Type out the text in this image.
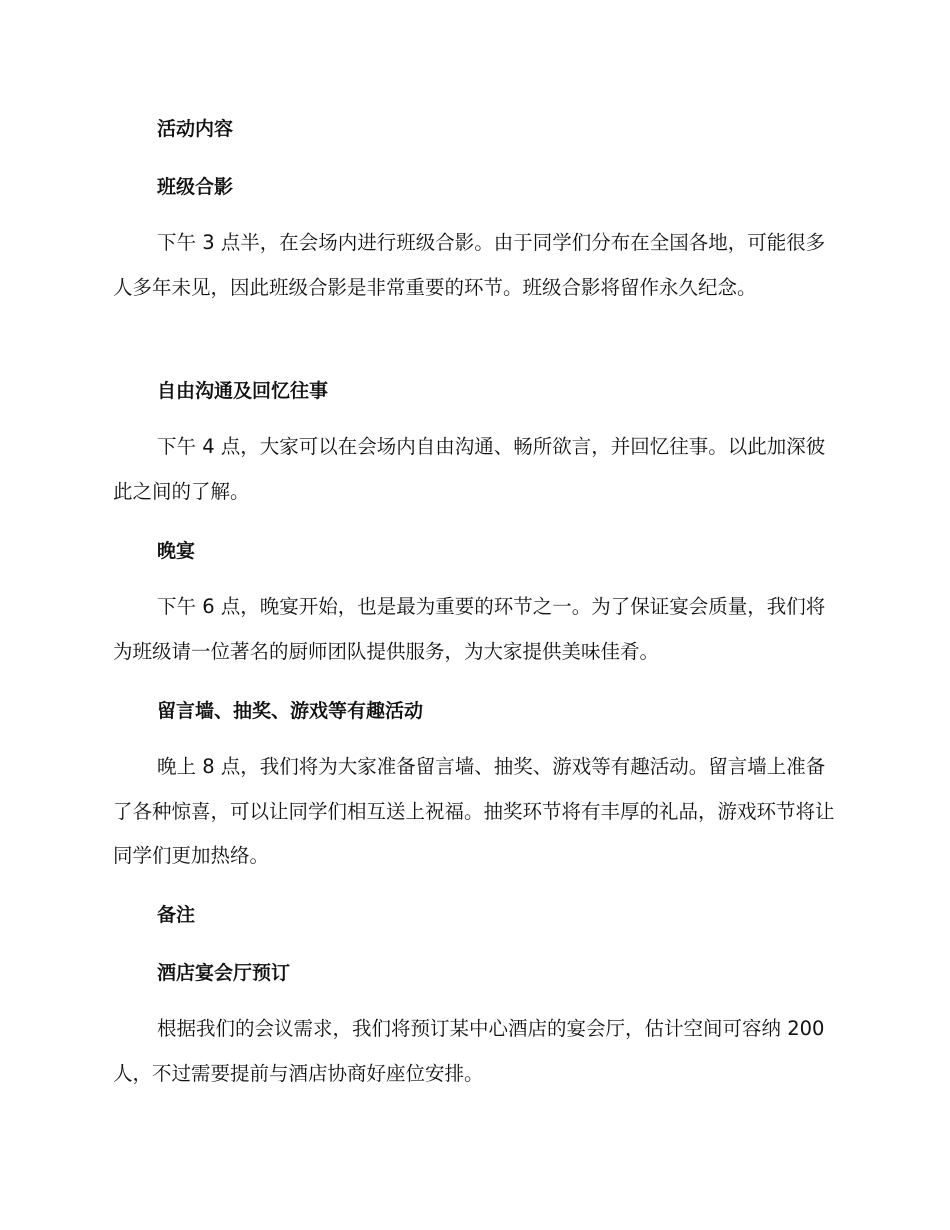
活动内容
班级合影

下午 3 点半，在会场内进行班级合影。由于同学们分布在全国各地，可能很多人多年未见，因此班级合影是非常重要的环节。班级合影将留作永久纪念。

自由沟通及回忆往事

下午 4 点，大家可以在会场内自由沟通、畅所欲言，并回忆往事。以此加深彼此之间的了解。

晚宴

下午 6 点，晚宴开始，也是最为重要的环节之一。为了保证宴会质量，我们将为班级请一位著名的厨师团队提供服务，为大家提供美味佳肴。

留言墙、抽奖、游戏等有趣活动

晚上 8 点，我们将为大家准备留言墙、抽奖、游戏等有趣活动。留言墙上准备了各种惊喜，可以让同学们相互送上祝福。抽奖环节将有丰厚的礼品，游戏环节将让同学们更加热络。

备注
酒店宴会厅预订

根据我们的会议需求，我们将预订某中心酒店的宴会厅，估计空间可容纳 200 人，不过需要提前与酒店协商好座位安排。
